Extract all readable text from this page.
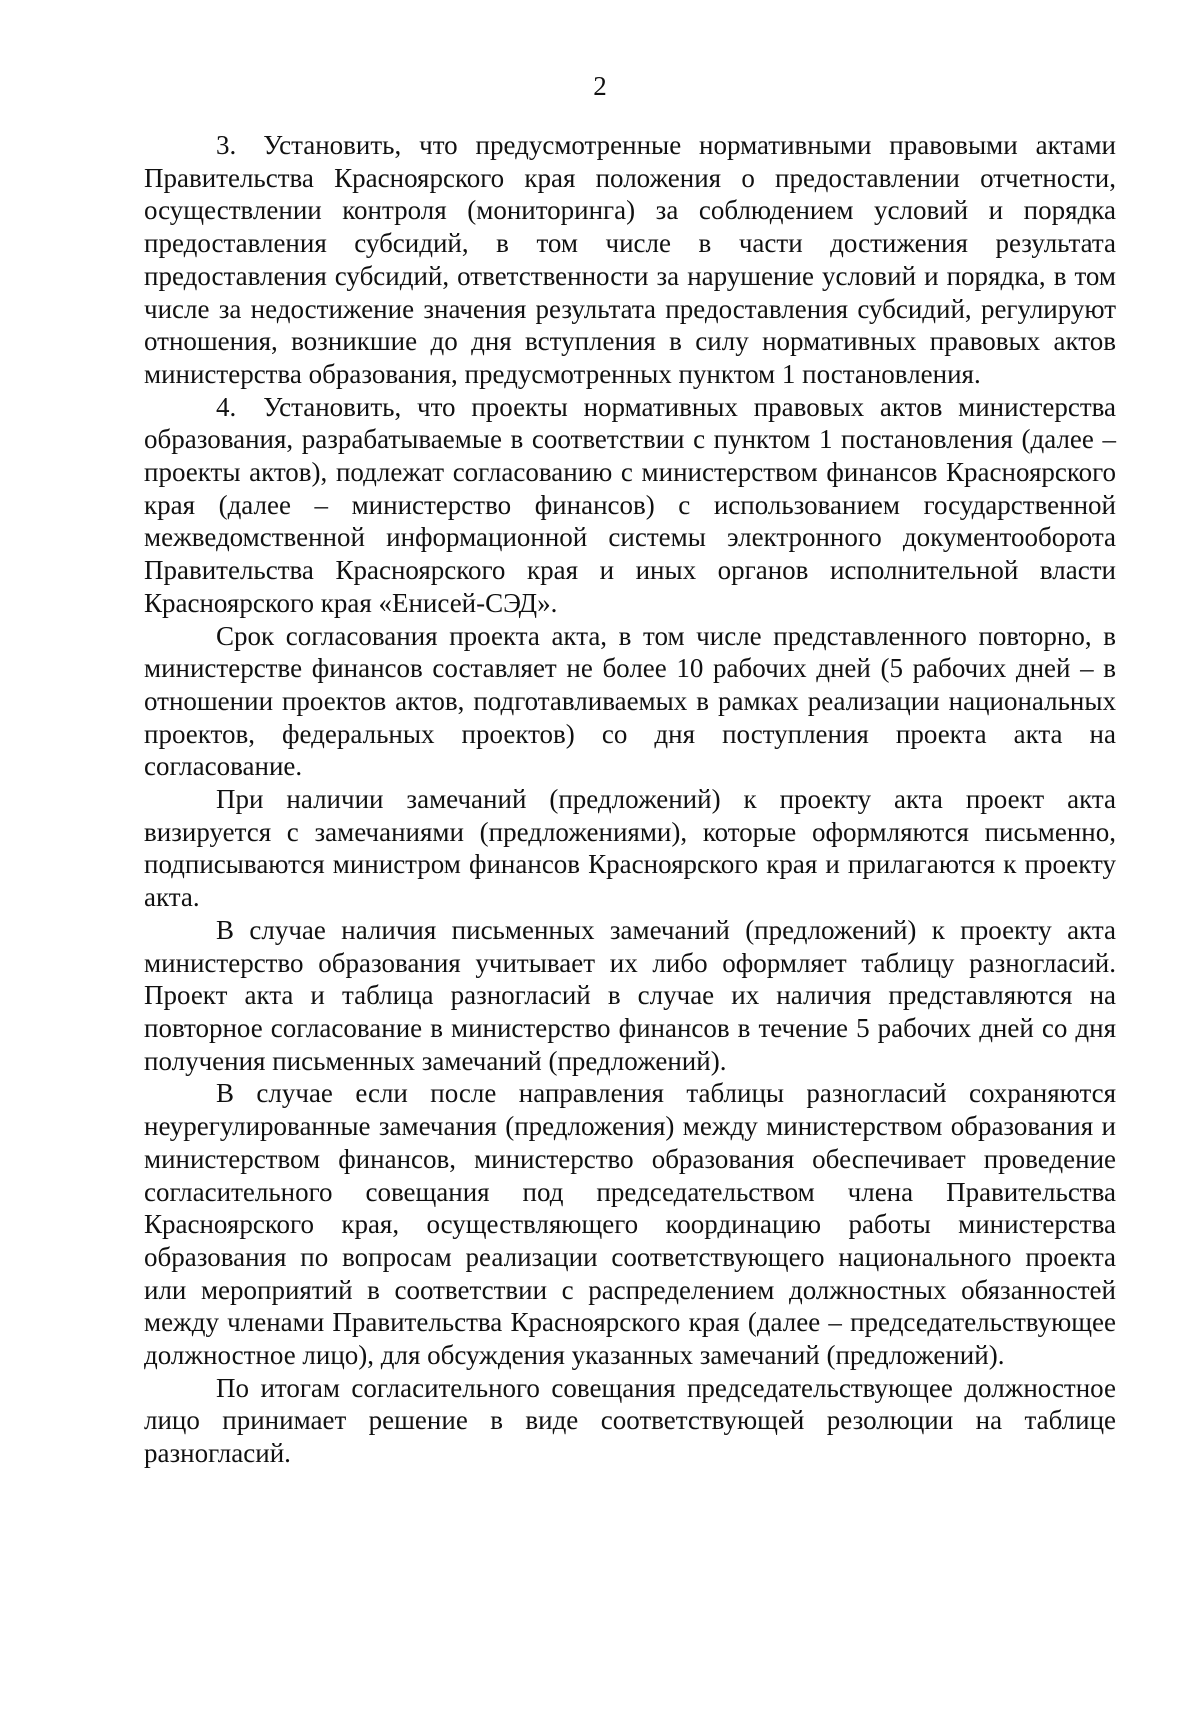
2

3. Установить, что предусмотренные нормативными правовыми актами Правительства Красноярского края положения о предоставлении отчетности, осуществлении контроля (мониторинга) за соблюдением условий и порядка предоставления субсидий, в том числе в части достижения результата предоставления субсидий, ответственности за нарушение условий и порядка, в том числе за недостижение значения результата предоставления субсидий, регулируют отношения, возникшие до дня вступления в силу нормативных правовых актов министерства образования, предусмотренных пунктом 1 постановления.

4. Установить, что проекты нормативных правовых актов министерства образования, разрабатываемые в соответствии с пунктом 1 постановления (далее – проекты актов), подлежат согласованию с министерством финансов Красноярского края (далее – министерство финансов) с использованием государственной межведомственной информационной системы электронного документооборота Правительства Красноярского края и иных органов исполнительной власти Красноярского края «Енисей-СЭД».

Срок согласования проекта акта, в том числе представленного повторно, в министерстве финансов составляет не более 10 рабочих дней (5 рабочих дней – в отношении проектов актов, подготавливаемых в рамках реализации национальных проектов, федеральных проектов) со дня поступления проекта акта на согласование.

При наличии замечаний (предложений) к проекту акта проект акта визируется с замечаниями (предложениями), которые оформляются письменно, подписываются министром финансов Красноярского края и прилагаются к проекту акта.

В случае наличия письменных замечаний (предложений) к проекту акта министерство образования учитывает их либо оформляет таблицу разногласий. Проект акта и таблица разногласий в случае их наличия представляются на повторное согласование в министерство финансов в течение 5 рабочих дней со дня получения письменных замечаний (предложений).

В случае если после направления таблицы разногласий сохраняются неурегулированные замечания (предложения) между министерством образования и министерством финансов, министерство образования обеспечивает проведение согласительного совещания под председательством члена Правительства Красноярского края, осуществляющего координацию работы министерства образования по вопросам реализации соответствующего национального проекта или мероприятий в соответствии с распределением должностных обязанностей между членами Правительства Красноярского края (далее – председательствующее должностное лицо), для обсуждения указанных замечаний (предложений).

По итогам согласительного совещания председательствующее должностное лицо принимает решение в виде соответствующей резолюции на таблице разногласий.
